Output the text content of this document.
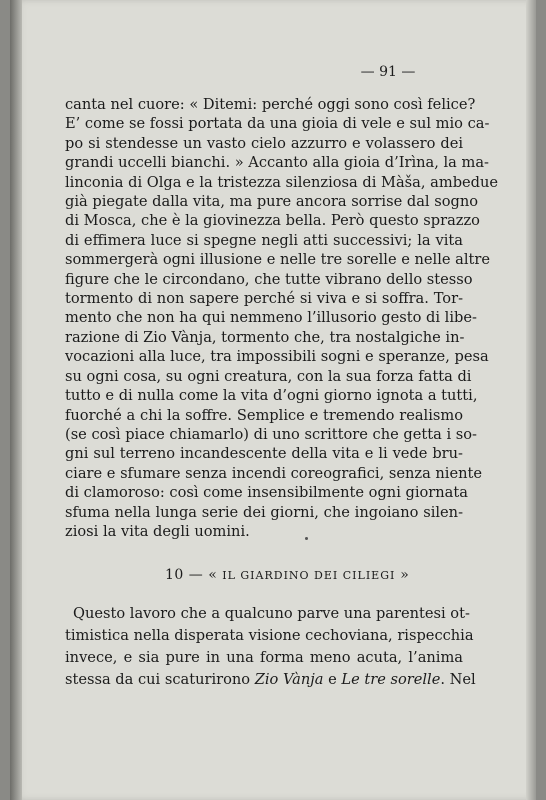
— 91 —
canta nel cuore: « Ditemi: perché oggi sono così felice?
E’ come se fossi portata da una gioia di vele e sul mio ca-
po si stendesse un vasto cielo azzurro e volassero dei
grandi uccelli bianchi. » Accanto alla gioia d’Irìna, la ma-
linconia di Olga e la tristezza silenziosa di Màša, ambedue
già piegate dalla vita, ma pure ancora sorrise dal sogno
di Mosca, che è la giovinezza bella. Però questo sprazzo
di effimera luce si spegne negli atti successivi; la vita
sommergerà ogni illusione e nelle tre sorelle e nelle altre
figure che le circondano, che tutte vibrano dello stesso
tormento di non sapere perché si viva e si soffra. Tor-
mento che non ha qui nemmeno l’illusorio gesto di libe-
razione di Zio Vànja, tormento che, tra nostalgiche in-
vocazioni alla luce, tra impossibili sogni e speranze, pesa
su ogni cosa, su ogni creatura, con la sua forza fatta di
tutto e di nulla come la vita d’ogni giorno ignota a tutti,
fuorché a chi la soffre. Semplice e tremendo realismo
(se così piace chiamarlo) di uno scrittore che getta i so-
gni sul terreno incandescente della vita e li vede bru-
ciare e sfumare senza incendi coreografici, senza niente
di clamoroso: così come insensibilmente ogni giornata
sfuma nella lunga serie dei giorni, che ingoiano silen-
ziosi la vita degli uomini.
10 — « IL GIARDINO DEI CILIEGI »
Questo lavoro che a qualcuno parve una parentesi ot-
timistica nella disperata visione cechoviana, rispecchia
invece, e sia pure in una forma meno acuta, l’anima
stessa da cui scaturirono Zio Vànja e Le tre sorelle. Nel
